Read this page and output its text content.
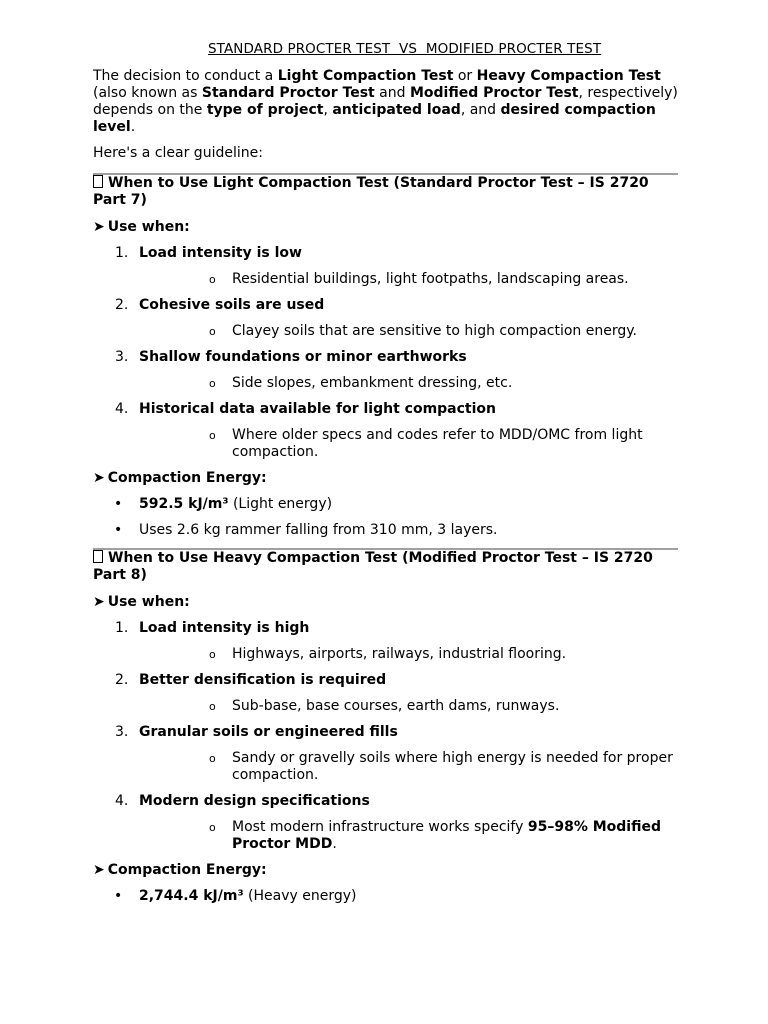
STANDARD PROCTER TEST  VS  MODIFIED PROCTER TEST

The decision to conduct a Light Compaction Test or Heavy Compaction Test (also known as Standard Proctor Test and Modified Proctor Test, respectively) depends on the type of project, anticipated load, and desired compaction level.

Here's a clear guideline:

When to Use Light Compaction Test (Standard Proctor Test – IS 2720 Part 7)
➤ Use when:
1. Load intensity is low
o Residential buildings, light footpaths, landscaping areas.
2. Cohesive soils are used
o Clayey soils that are sensitive to high compaction energy.
3. Shallow foundations or minor earthworks
o Side slopes, embankment dressing, etc.
4. Historical data available for light compaction
o Where older specs and codes refer to MDD/OMC from light compaction.
➤ Compaction Energy:
• 592.5 kJ/m³ (Light energy)
• Uses 2.6 kg rammer falling from 310 mm, 3 layers.
When to Use Heavy Compaction Test (Modified Proctor Test – IS 2720 Part 8)
➤ Use when:
1. Load intensity is high
o Highways, airports, railways, industrial flooring.
2. Better densification is required
o Sub-base, base courses, earth dams, runways.
3. Granular soils or engineered fills
o Sandy or gravelly soils where high energy is needed for proper compaction.
4. Modern design specifications
o Most modern infrastructure works specify 95–98% Modified Proctor MDD.
➤ Compaction Energy:
• 2,744.4 kJ/m³ (Heavy energy)
